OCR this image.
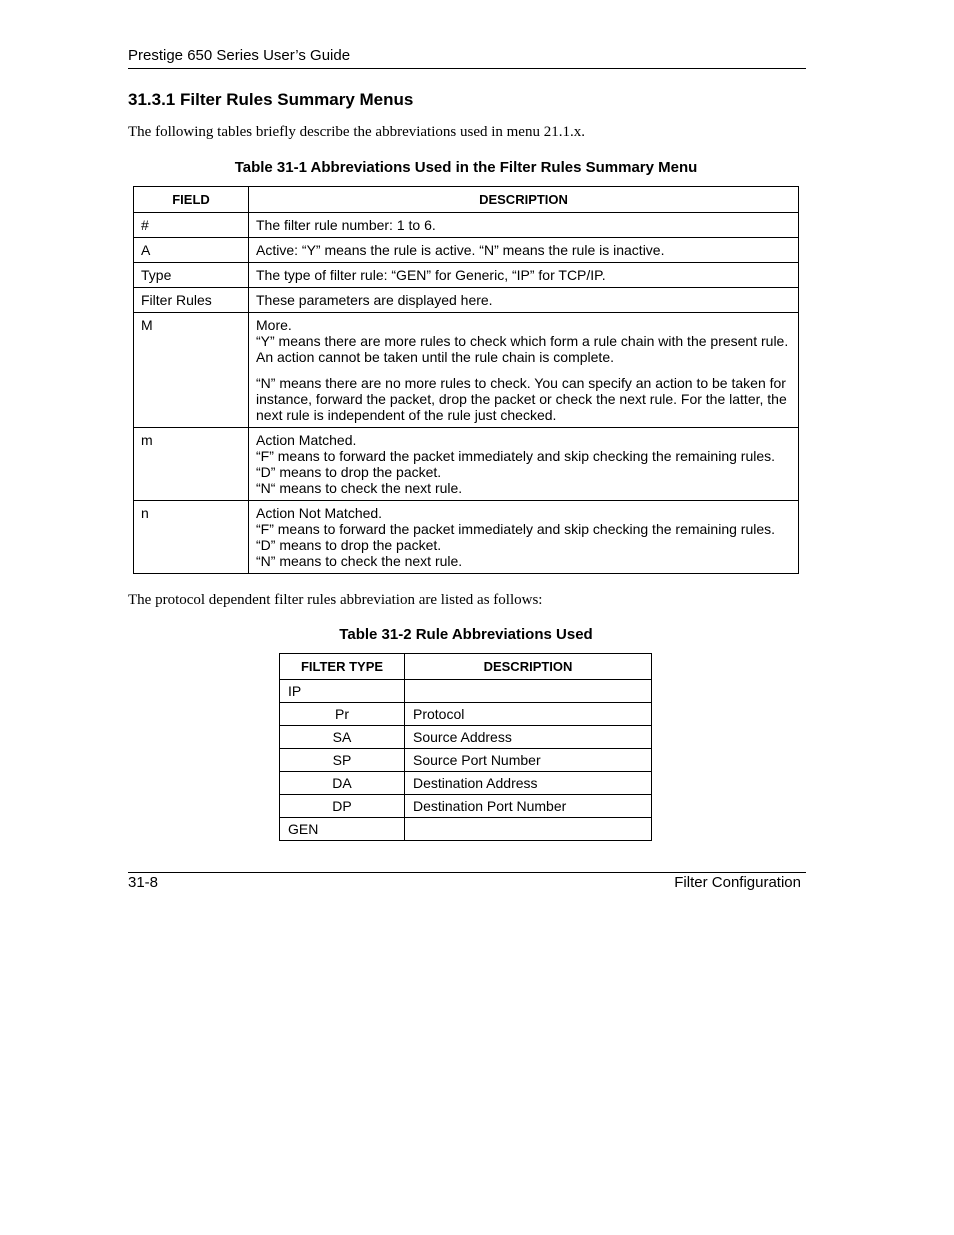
Prestige 650 Series User’s Guide
31.3.1 Filter Rules Summary Menus
The following tables briefly describe the abbreviations used in menu 21.1.x.
Table 31-1 Abbreviations Used in the Filter Rules Summary Menu
FIELD	DESCRIPTION
#	The filter rule number: 1 to 6.

A	Active: “Y” means the rule is active. “N” means the rule is inactive.

Type	The type of filter rule: “GEN” for Generic, “IP” for TCP/IP.

Filter Rules	These parameters are displayed here.

M	More.
“Y” means there are more rules to check which form a rule chain with the present rule. An action cannot be taken until the rule chain is complete.
“N” means there are no more rules to check. You can specify an action to be taken for instance, forward the packet, drop the packet or check the next rule. For the latter, the next rule is independent of the rule just checked.

m	Action Matched.
“F” means to forward the packet immediately and skip checking the remaining rules.
“D” means to drop the packet.
“N“ means to check the next rule.

n	Action Not Matched.
“F” means to forward the packet immediately and skip checking the remaining rules.
“D” means to drop the packet.
“N” means to check the next rule.
The protocol dependent filter rules abbreviation are listed as follows:
Table 31-2 Rule Abbreviations Used
FILTER TYPE	DESCRIPTION
IP	
Pr	Protocol
SA	Source Address
SP	Source Port Number
DA	Destination Address
DP	Destination Port Number
GEN	
31-8	Filter Configuration
